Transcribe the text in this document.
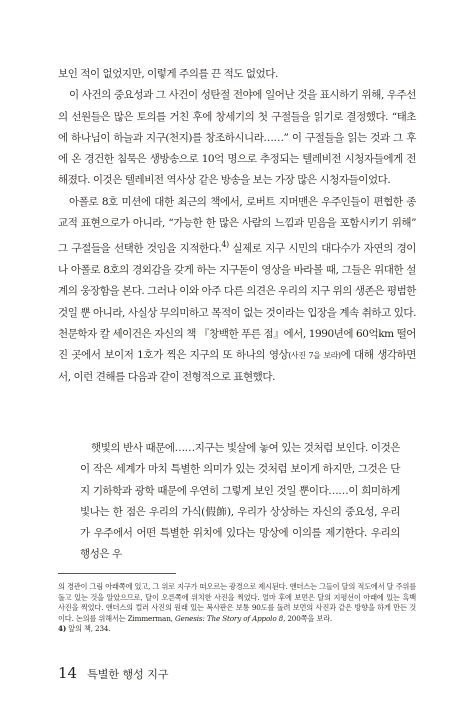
보인 적이 없었지만, 이렇게 주의를 끈 적도 없었다.

이 사건의 중요성과 그 사건이 성탄절 전야에 일어난 것을 표시하기 위해, 우주선의 선원들은 많은 토의를 거친 후에 창세기의 첫 구절들을 읽기로 결정했다. “태초에 하나님이 하늘과 지구(천지)를 창조하시니라……” 이 구절들을 읽는 것과 그 후에 온 경건한 침묵은 생방송으로 10억 명으로 추정되는 텔레비전 시청자들에게 전해졌다. 이것은 텔레비전 역사상 같은 방송을 보는 가장 많은 시청자들이었다.

아폴로 8호 미션에 대한 최근의 책에서, 로버트 지머맨은 우주인들이 편협한 종교적 표현으로가 아니라, “가능한 한 많은 사람의 느낌과 믿음을 포함시키기 위해” 그 구절들을 선택한 것임을 지적한다.$^{4)}$ 실제로 지구 시민의 대다수가 자연의 경이나 아폴로 8호의 경외감을 갖게 하는 지구돋이 영상을 바라볼 때, 그들은 위대한 설계의 웅장함을 본다. 그러나 이와 아주 다른 의견은 우리의 지구 위의 생존은 평범한 것일 뿐 아니라, 사실상 무의미하고 목적이 없는 것이라는 입장을 계속 취하고 있다. 천문학자 칼 세이건은 자신의 책 『창백한 푸른 점』에서, 1990년에 60억km 떨어진 곳에서 보이저 1호가 찍은 지구의 또 하나의 영상(사진 7을 보라)에 대해 생각하면서, 이런 견해를 다음과 같이 전형적으로 표현했다.

햇빛의 반사 때문에……지구는 빛살에 놓여 있는 것처럼 보인다. 이것은 이 작은 세계가 마치 특별한 의미가 있는 것처럼 보이게 하지만, 그것은 단지 기하학과 광학 때문에 우연히 그렇게 보인 것일 뿐이다……이 희미하게 빛나는 한 점은 우리의 가식(假飾), 우리가 상상하는 자신의 중요성, 우리가 우주에서 어떤 특별한 위치에 있다는 망상에 이의를 제기한다. 우리의 행성은 우

의 경관이 그림 아래쪽에 있고, 그 위로 지구가 떠오르는 광경으로 제시된다. 앤더스는 그들이 달의 적도에서 달 주위를 돌고 있는 것을 알았으므로, 달이 오른쪽에 위치한 사진을 찍었다. 얼마 후에 보먼은 달의 지평선이 아래에 있는 흑백 사진을 찍었다. 앤더스의 컬러 사진의 원래 있는 복사판은 보통 90도를 돌려 보먼의 사진과 같은 방향을 하게 만든 것이다. 논의를 위해서는 Zimmerman, Genesis: The Story of Appolo 8, 200쪽을 보라.

4) 앞의 책, 234.

14 특별한 행성 지구
